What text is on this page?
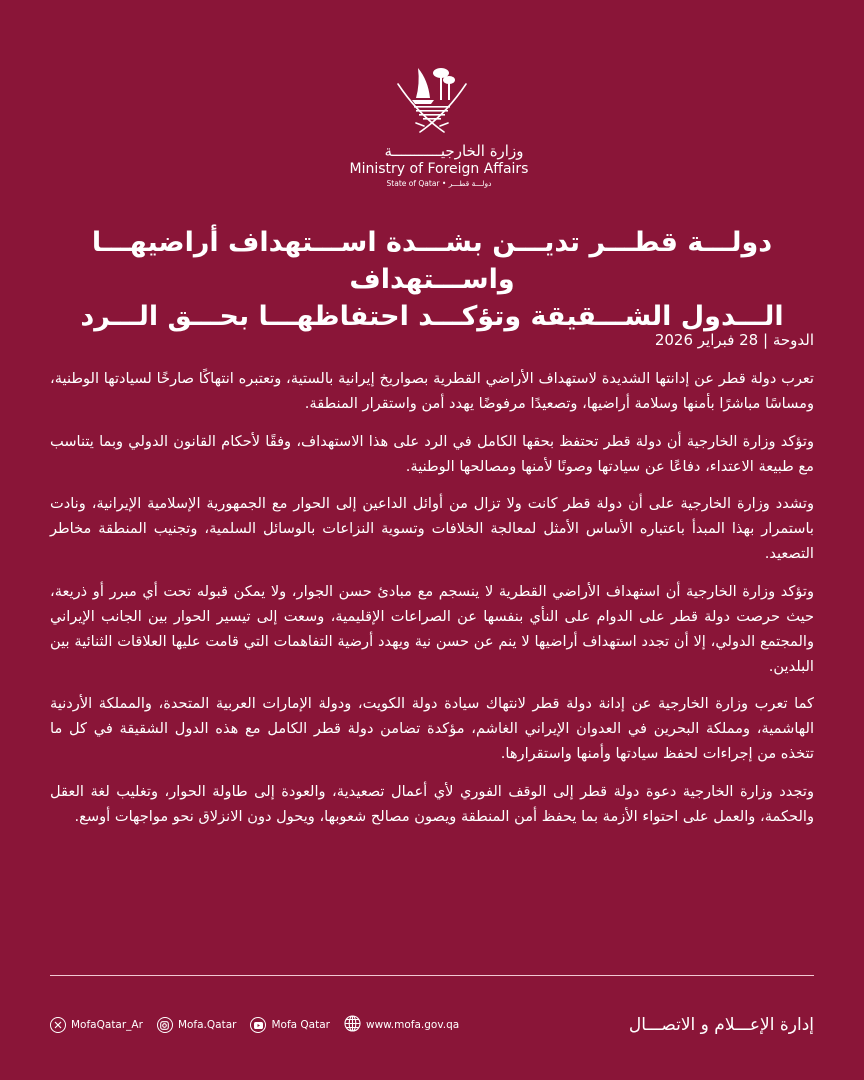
وزارة الخارجيـــــــــــة
Ministry of Foreign Affairs
State of Qatar • دولـــة قطـــر
دولـــة قطـــر تديـــن بشـــدة اســـتهداف أراضيهـــا واســـتهداف
الـــدول الشـــقيقة وتؤكـــد احتفاظهـــا بحـــق الـــرد
الدوحة | 28 فبراير 2026

تعرب دولة قطر عن إدانتها الشديدة لاستهداف الأراضي القطرية بصواريخ إيرانية بالستية، وتعتبره انتهاكًا صارخًا لسيادتها الوطنية، ومساسًا مباشرًا بأمنها وسلامة أراضيها، وتصعيدًا مرفوضًا يهدد أمن واستقرار المنطقة.

وتؤكد وزارة الخارجية أن دولة قطر تحتفظ بحقها الكامل في الرد على هذا الاستهداف، وفقًا لأحكام القانون الدولي وبما يتناسب مع طبيعة الاعتداء، دفاعًا عن سيادتها وصونًا لأمنها ومصالحها الوطنية.

وتشدد وزارة الخارجية على أن دولة قطر كانت ولا تزال من أوائل الداعين إلى الحوار مع الجمهورية الإسلامية الإيرانية، ونادت باستمرار بهذا المبدأ باعتباره الأساس الأمثل لمعالجة الخلافات وتسوية النزاعات بالوسائل السلمية، وتجنيب المنطقة مخاطر التصعيد.

وتؤكد وزارة الخارجية أن استهداف الأراضي القطرية لا ينسجم مع مبادئ حسن الجوار، ولا يمكن قبوله تحت أي مبرر أو ذريعة، حيث حرصت دولة قطر على الدوام على النأي بنفسها عن الصراعات الإقليمية، وسعت إلى تيسير الحوار بين الجانب الإيراني والمجتمع الدولي، إلا أن تجدد استهداف أراضيها لا ينم عن حسن نية ويهدد أرضية التفاهمات التي قامت عليها العلاقات الثنائية بين البلدين.

كما تعرب وزارة الخارجية عن إدانة دولة قطر لانتهاك سيادة دولة الكويت، ودولة الإمارات العربية المتحدة، والمملكة الأردنية الهاشمية، ومملكة البحرين في العدوان الإيراني الغاشم، مؤكدة تضامن دولة قطر الكامل مع هذه الدول الشقيقة في كل ما تتخذه من إجراءات لحفظ سيادتها وأمنها واستقرارها.

وتجدد وزارة الخارجية دعوة دولة قطر إلى الوقف الفوري لأي أعمال تصعيدية، والعودة إلى طاولة الحوار، وتغليب لغة العقل والحكمة، والعمل على احتواء الأزمة بما يحفظ أمن المنطقة ويصون مصالح شعوبها، ويحول دون الانزلاق نحو مواجهات أوسع.

MofaQatar_Ar	Mofa.Qatar	Mofa Qatar	www.mofa.gov.qa	إدارة الإعـــلام و الاتصـــال
